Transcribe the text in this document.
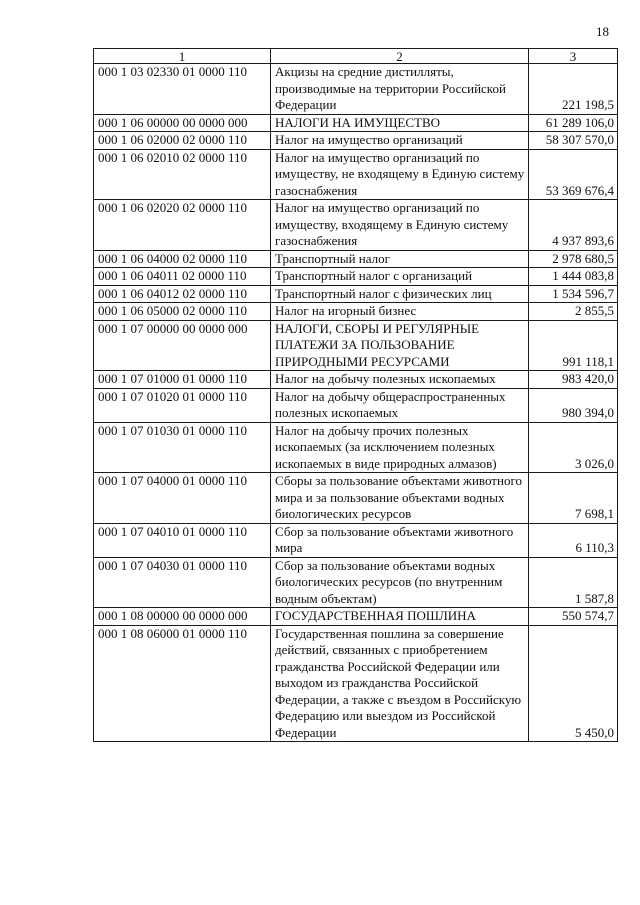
18
1	2	3
000 1 03 02330 01 0000 110	Акцизы на средние дистилляты, производимые на территории Российской Федерации	221 198,5
000 1 06 00000 00 0000 000	НАЛОГИ НА ИМУЩЕСТВО	61 289 106,0
000 1 06 02000 02 0000 110	Налог на имущество организаций	58 307 570,0
000 1 06 02010 02 0000 110	Налог на имущество организаций по имуществу, не входящему в Единую систему газоснабжения	53 369 676,4
000 1 06 02020 02 0000 110	Налог на имущество организаций по имуществу, входящему в Единую систему газоснабжения	4 937 893,6
000 1 06 04000 02 0000 110	Транспортный налог	2 978 680,5
000 1 06 04011 02 0000 110	Транспортный налог с организаций	1 444 083,8
000 1 06 04012 02 0000 110	Транспортный налог с физических лиц	1 534 596,7
000 1 06 05000 02 0000 110	Налог на игорный бизнес	2 855,5
000 1 07 00000 00 0000 000	НАЛОГИ, СБОРЫ И РЕГУЛЯРНЫЕ ПЛАТЕЖИ ЗА ПОЛЬЗОВАНИЕ ПРИРОДНЫМИ РЕСУРСАМИ	991 118,1
000 1 07 01000 01 0000 110	Налог на добычу полезных ископаемых	983 420,0
000 1 07 01020 01 0000 110	Налог на добычу общераспространенных полезных ископаемых	980 394,0
000 1 07 01030 01 0000 110	Налог на добычу прочих полезных ископаемых (за исключением полезных ископаемых в виде природных алмазов)	3 026,0
000 1 07 04000 01 0000 110	Сборы за пользование объектами животного мира и за пользование объектами водных биологических ресурсов	7 698,1
000 1 07 04010 01 0000 110	Сбор за пользование объектами животного мира	6 110,3
000 1 07 04030 01 0000 110	Сбор за пользование объектами водных биологических ресурсов (по внутренним водным объектам)	1 587,8
000 1 08 00000 00 0000 000	ГОСУДАРСТВЕННАЯ ПОШЛИНА	550 574,7
000 1 08 06000 01 0000 110	Государственная пошлина за совершение действий, связанных с приобретением гражданства Российской Федерации или выходом из гражданства Российской Федерации, а также с въездом в Российскую Федерацию или выездом из Российской Федерации	5 450,0
